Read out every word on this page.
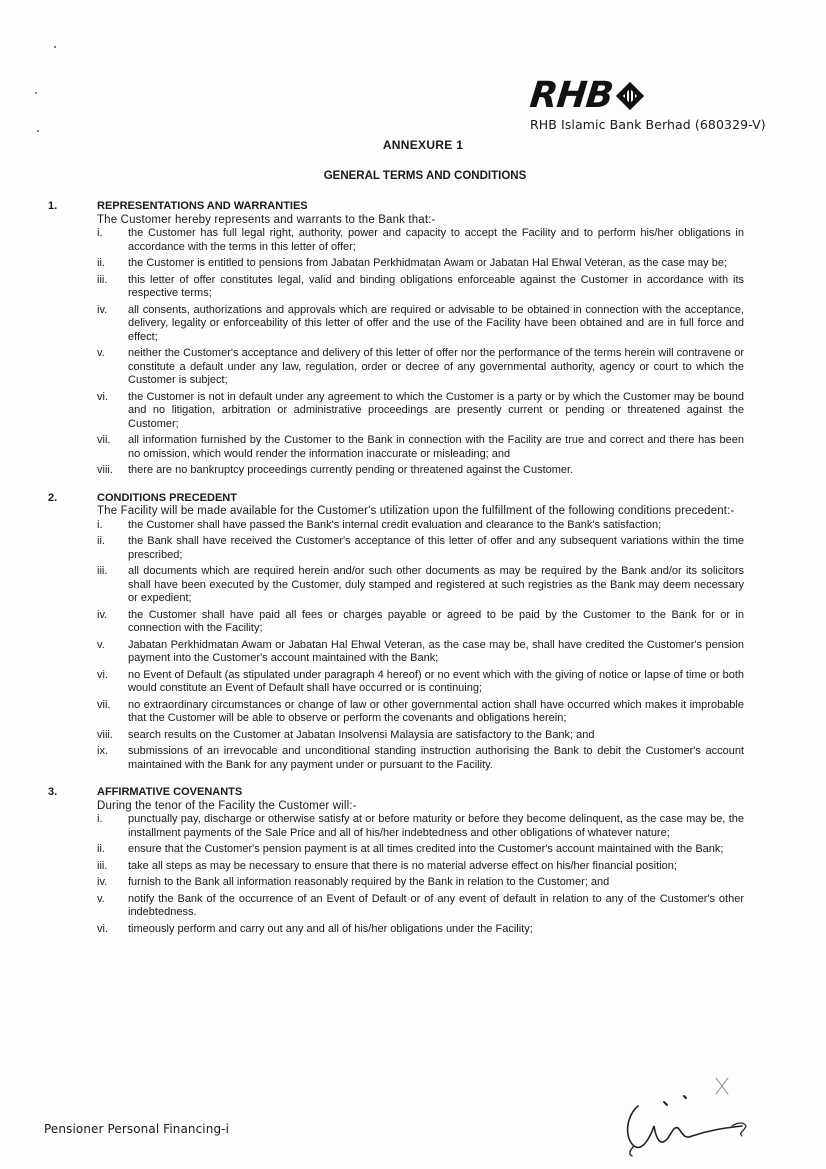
RHB
RHB Islamic Bank Berhad (680329-V)
ANNEXURE 1
GENERAL TERMS AND CONDITIONS
1.	REPRESENTATIONS AND WARRANTIES
The Customer hereby represents and warrants to the Bank that:-
i. the Customer has full legal right, authority, power and capacity to accept the Facility and to perform his/her obligations in accordance with the terms in this letter of offer;
ii. the Customer is entitled to pensions from Jabatan Perkhidmatan Awam or Jabatan Hal Ehwal Veteran, as the case may be;
iii. this letter of offer constitutes legal, valid and binding obligations enforceable against the Customer in accordance with its respective terms;
iv. all consents, authorizations and approvals which are required or advisable to be obtained in connection with the acceptance, delivery, legality or enforceability of this letter of offer and the use of the Facility have been obtained and are in full force and effect;
v. neither the Customer's acceptance and delivery of this letter of offer nor the performance of the terms herein will contravene or constitute a default under any law, regulation, order or decree of any governmental authority, agency or court to which the Customer is subject;
vi. the Customer is not in default under any agreement to which the Customer is a party or by which the Customer may be bound and no litigation, arbitration or administrative proceedings are presently current or pending or threatened against the Customer;
vii. all information furnished by the Customer to the Bank in connection with the Facility are true and correct and there has been no omission, which would render the information inaccurate or misleading; and
viii. there are no bankruptcy proceedings currently pending or threatened against the Customer.
2.	CONDITIONS PRECEDENT
The Facility will be made available for the Customer's utilization upon the fulfillment of the following conditions precedent:-
i. the Customer shall have passed the Bank's internal credit evaluation and clearance to the Bank's satisfaction;
ii. the Bank shall have received the Customer's acceptance of this letter of offer and any subsequent variations within the time prescribed;
iii. all documents which are required herein and/or such other documents as may be required by the Bank and/or its solicitors shall have been executed by the Customer, duly stamped and registered at such registries as the Bank may deem necessary or expedient;
iv. the Customer shall have paid all fees or charges payable or agreed to be paid by the Customer to the Bank for or in connection with the Facility;
v. Jabatan Perkhidmatan Awam or Jabatan Hal Ehwal Veteran, as the case may be, shall have credited the Customer's pension payment into the Customer's account maintained with the Bank;
vi. no Event of Default (as stipulated under paragraph 4 hereof) or no event which with the giving of notice or lapse of time or both would constitute an Event of Default shall have occurred or is continuing;
vii. no extraordinary circumstances or change of law or other governmental action shall have occurred which makes it improbable that the Customer will be able to observe or perform the covenants and obligations herein;
viii. search results on the Customer at Jabatan Insolvensi Malaysia are satisfactory to the Bank; and
ix. submissions of an irrevocable and unconditional standing instruction authorising the Bank to debit the Customer's account maintained with the Bank for any payment under or pursuant to the Facility.
3.	AFFIRMATIVE COVENANTS
During the tenor of the Facility the Customer will:-
i. punctually pay, discharge or otherwise satisfy at or before maturity or before they become delinquent, as the case may be, the installment payments of the Sale Price and all of his/her indebtedness and other obligations of whatever nature;
ii. ensure that the Customer's pension payment is at all times credited into the Customer's account maintained with the Bank;
iii. take all steps as may be necessary to ensure that there is no material adverse effect on his/her financial position;
iv. furnish to the Bank all information reasonably required by the Bank in relation to the Customer; and
v. notify the Bank of the occurrence of an Event of Default or of any event of default in relation to any of the Customer's other indebtedness.
vi. timeously perform and carry out any and all of his/her obligations under the Facility;
Pensioner Personal Financing-i
